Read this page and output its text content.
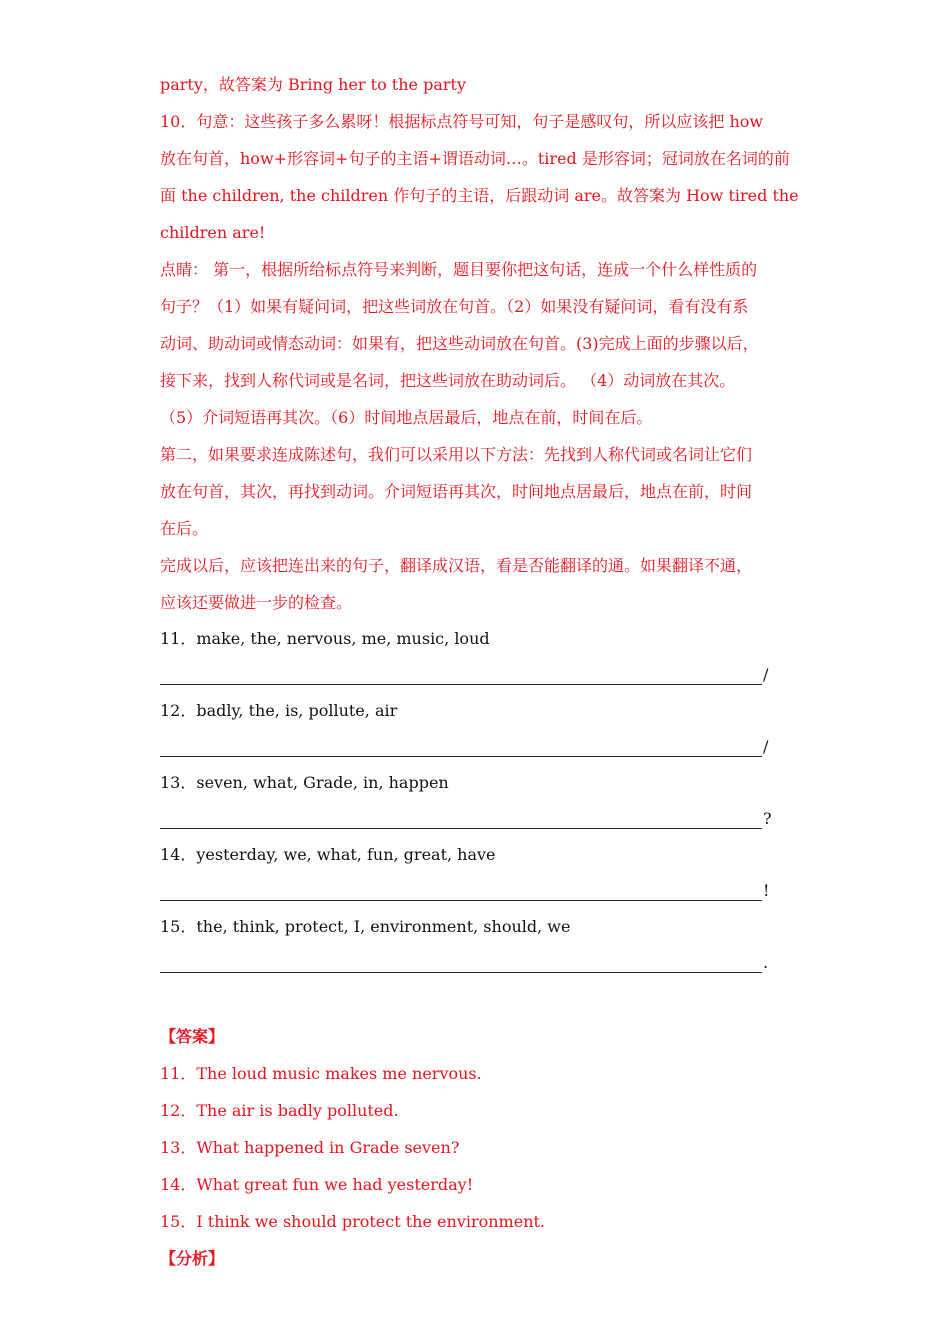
party，故答案为 Bring her to the party
10．句意：这些孩子多么累呀！根据标点符号可知，句子是感叹句，所以应该把 how
放在句首，how+形容词+句子的主语+谓语动词…。tired 是形容词；冠词放在名词的前
面 the children, the children 作句子的主语，后跟动词 are。故答案为 How tired the
children are!
点睛： 第一，根据所给标点符号来判断，题目要你把这句话，连成一个什么样性质的
句子？（1）如果有疑问词，把这些词放在句首。（2）如果没有疑问词，看有没有系
动词、助动词或情态动词：如果有，把这些动词放在句首。(3)完成上面的步骤以后，
接下来，找到人称代词或是名词，把这些词放在助动词后。 （4）动词放在其次。
（5）介词短语再其次。（6）时间地点居最后，地点在前，时间在后。
第二，如果要求连成陈述句，我们可以采用以下方法：先找到人称代词或名词让它们
放在句首，其次，再找到动词。介词短语再其次，时间地点居最后，地点在前，时间
在后。
完成以后，应该把连出来的句子，翻译成汉语，看是否能翻译的通。如果翻译不通，
应该还要做进一步的检查。
11．make, the, nervous, me, music, loud
/
12．badly, the, is, pollute, air
/
13．seven, what, Grade, in, happen
?
14．yesterday, we, what, fun, great, have
!
15．the, think, protect, I, environment, should, we
.
【答案】
11．The loud music makes me nervous.
12．The air is badly polluted.
13．What happened in Grade seven?
14．What great fun we had yesterday!
15．I think we should protect the environment.
【分析】
